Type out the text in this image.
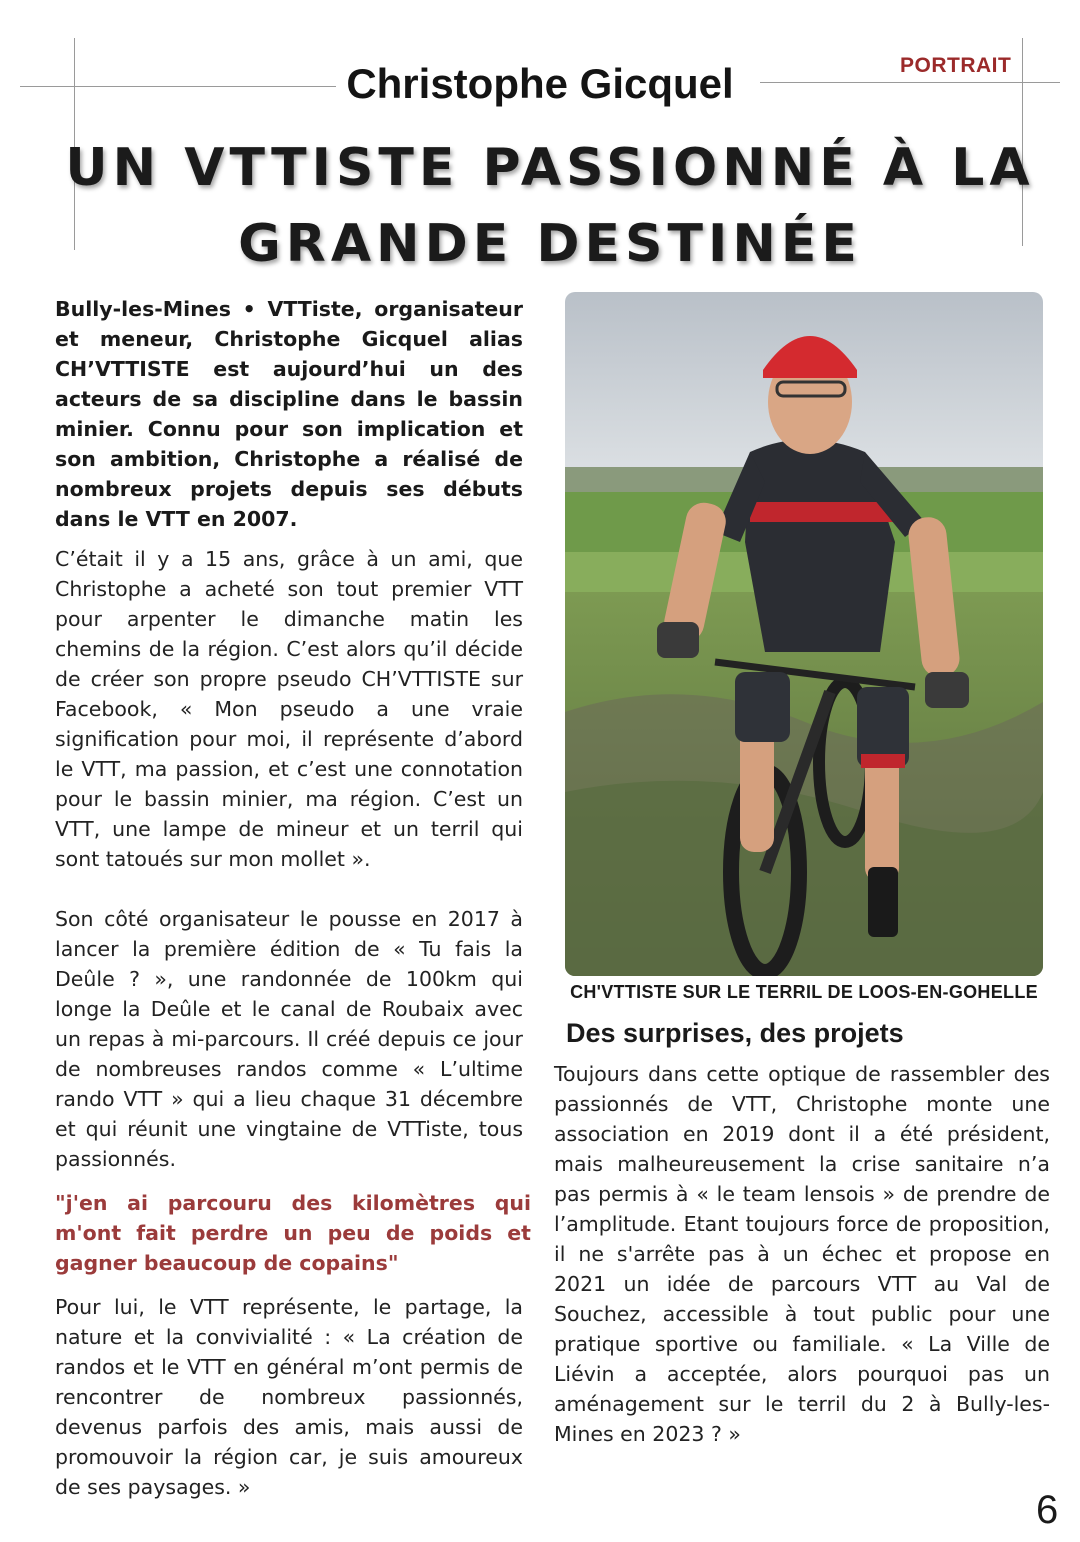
PORTRAIT
Christophe Gicquel
UN VTTISTE PASSIONNÉ À LA
GRANDE DESTINÉE

Bully-les-Mines • VTTiste, organisateur et meneur, Christophe Gicquel alias CH’VTTISTE est aujourd’hui un des acteurs de sa discipline dans le bassin minier. Connu pour son implication et son ambition, Christophe a réalisé de nombreux projets depuis ses débuts dans le VTT en 2007.

C’était il y a 15 ans, grâce à un ami, que Christophe a acheté son tout premier VTT pour arpenter le dimanche matin les chemins de la région. C’est alors qu’il décide de créer son propre pseudo CH’VTTISTE sur Facebook, « Mon pseudo a une vraie signification pour moi, il représente d’abord le VTT, ma passion, et c’est une connotation pour le bassin minier, ma région. C’est un VTT, une lampe de mineur et un terril qui sont tatoués sur mon mollet ».

Son côté organisateur le pousse en 2017 à lancer la première édition de « Tu fais la Deûle ? », une randonnée de 100km qui longe la Deûle et le canal de Roubaix avec un repas à mi-parcours. Il créé depuis ce jour de nombreuses randos comme « L’ultime rando VTT » qui a lieu chaque 31 décembre et qui réunit une vingtaine de VTTiste, tous passionnés.

"j'en ai parcouru des kilomètres qui m'ont fait perdre un peu de poids et gagner beaucoup de copains"

Pour lui, le VTT représente, le partage, la nature et la convivialité : « La création de randos et le VTT en général m’ont permis de rencontrer de nombreux passionnés, devenus parfois des amis, mais aussi de promouvoir la région car, je suis amoureux de ses paysages. »

CH'VTTISTE SUR LE TERRIL DE LOOS-EN-GOHELLE
Des surprises, des projets

Toujours dans cette optique de rassembler des passionnés de VTT, Christophe monte une association en 2019 dont il a été président, mais malheureusement la crise sanitaire n’a pas permis à « le team lensois » de prendre de l’amplitude. Etant toujours force de proposition, il ne s'arrête pas à un échec et propose en 2021 un idée de parcours VTT au Val de Souchez, accessible à tout public pour une pratique sportive ou familiale. « La Ville de Liévin a acceptée, alors pourquoi pas un aménagement sur le terril du 2 à Bully-les-Mines en 2023 ? »

6
